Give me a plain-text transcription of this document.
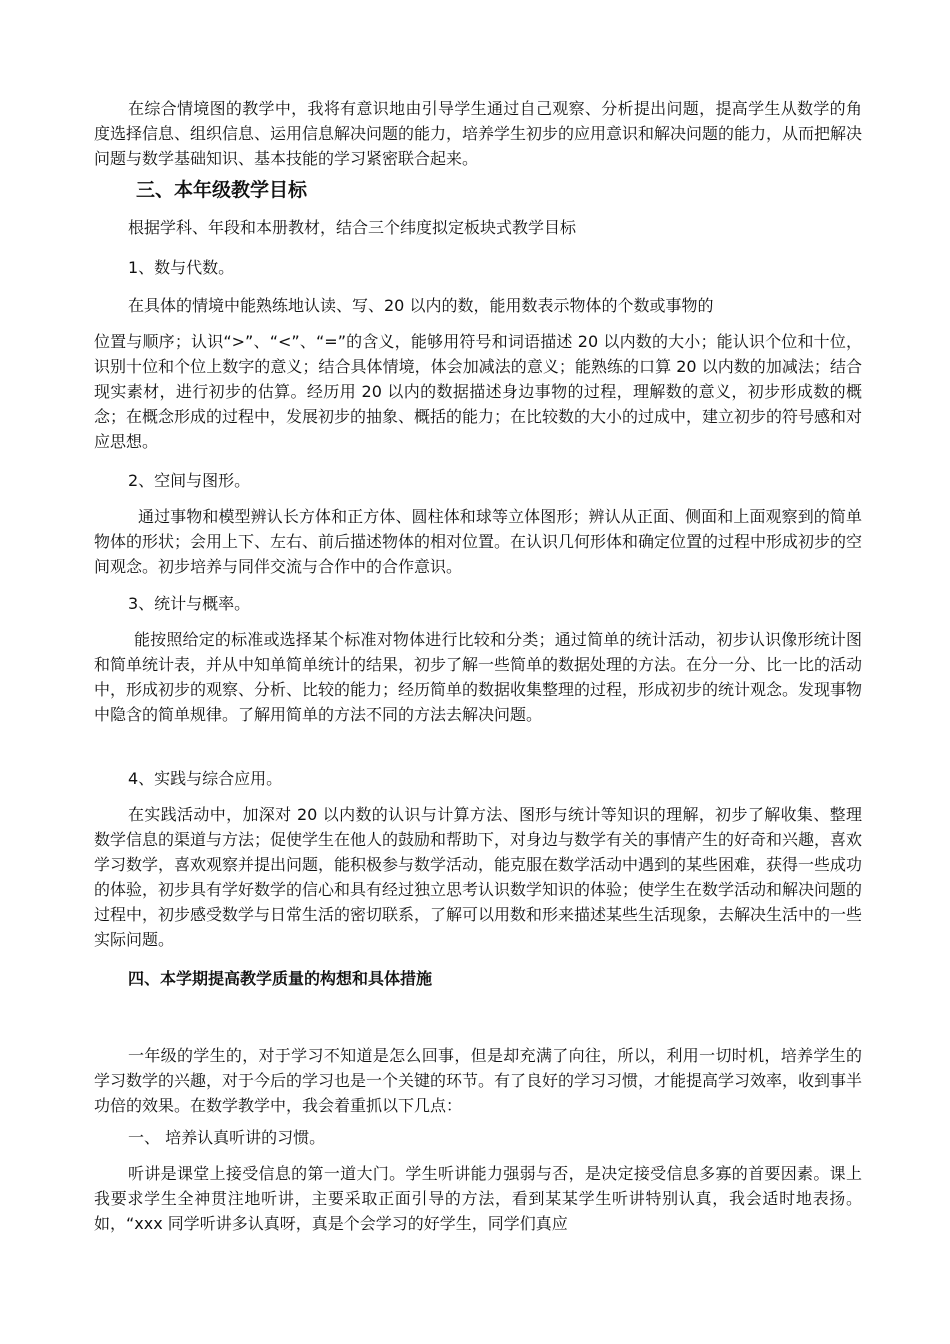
在综合情境图的教学中，我将有意识地由引导学生通过自己观察、分析提出问题，提高学生从数学的角度选择信息、组织信息、运用信息解决问题的能力，培养学生初步的应用意识和解决问题的能力，从而把解决问题与数学基础知识、基本技能的学习紧密联合起来。

三、本年级教学目标

根据学科、年段和本册教材，结合三个纬度拟定板块式教学目标

1、数与代数。

在具体的情境中能熟练地认读、写、20 以内的数，能用数表示物体的个数或事物的

位置与顺序；认识“>”、“<”、“=”的含义，能够用符号和词语描述 20 以内数的大小；能认识个位和十位，识别十位和个位上数字的意义；结合具体情境，体会加减法的意义；能熟练的口算 20 以内数的加减法；结合现实素材，进行初步的估算。经历用 20 以内的数据描述身边事物的过程，理解数的意义，初步形成数的概念；在概念形成的过程中，发展初步的抽象、概括的能力；在比较数的大小的过成中，建立初步的符号感和对应思想。

2、空间与图形。

通过事物和模型辨认长方体和正方体、圆柱体和球等立体图形；辨认从正面、侧面和上面观察到的简单物体的形状；会用上下、左右、前后描述物体的相对位置。在认识几何形体和确定位置的过程中形成初步的空间观念。初步培养与同伴交流与合作中的合作意识。

3、统计与概率。

能按照给定的标准或选择某个标准对物体进行比较和分类；通过简单的统计活动，初步认识像形统计图和简单统计表，并从中知单简单统计的结果，初步了解一些简单的数据处理的方法。在分一分、比一比的活动中，形成初步的观察、分析、比较的能力；经历简单的数据收集整理的过程，形成初步的统计观念。发现事物中隐含的简单规律。了解用简单的方法不同的方法去解决问题。

4、实践与综合应用。

在实践活动中，加深对 20 以内数的认识与计算方法、图形与统计等知识的理解，初步了解收集、整理数学信息的渠道与方法；促使学生在他人的鼓励和帮助下，对身边与数学有关的事情产生的好奇和兴趣，喜欢学习数学，喜欢观察并提出问题，能积极参与数学活动，能克服在数学活动中遇到的某些困难，获得一些成功的体验，初步具有学好数学的信心和具有经过独立思考认识数学知识的体验；使学生在数学活动和解决问题的过程中，初步感受数学与日常生活的密切联系，了解可以用数和形来描述某些生活现象，去解决生活中的一些实际问题。

四、本学期提高教学质量的构想和具体措施

一年级的学生的，对于学习不知道是怎么回事，但是却充满了向往，所以，利用一切时机，培养学生的学习数学的兴趣，对于今后的学习也是一个关键的环节。有了良好的学习习惯，才能提高学习效率，收到事半功倍的效果。在数学教学中，我会着重抓以下几点：

一、 培养认真听讲的习惯。

听讲是课堂上接受信息的第一道大门。学生听讲能力强弱与否，是决定接受信息多寡的首要因素。课上我要求学生全神贯注地听讲，主要采取正面引导的方法，看到某某学生听讲特别认真，我会适时地表扬。如，“xxx 同学听讲多认真呀，真是个会学习的好学生，同学们真应
